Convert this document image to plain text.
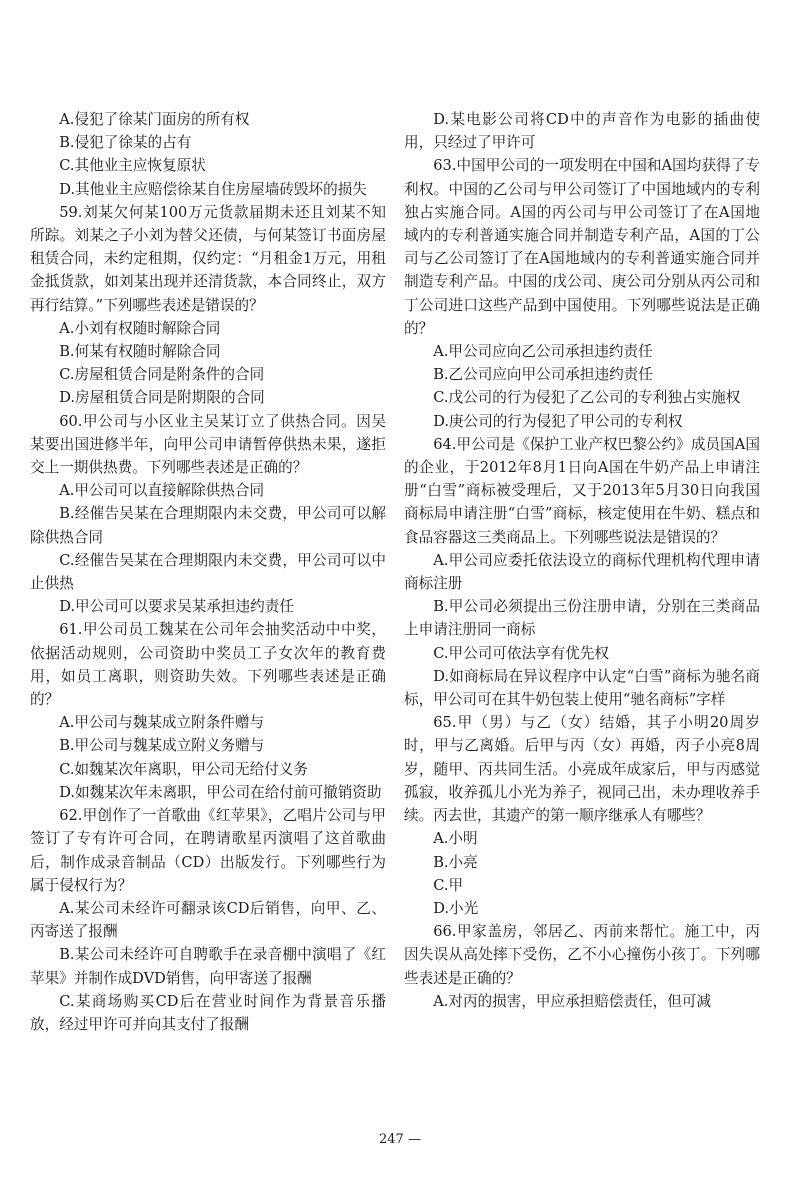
A.侵犯了徐某门面房的所有权

B.侵犯了徐某的占有

C.其他业主应恢复原状

D.其他业主应赔偿徐某自住房屋墙砖毁坏的损失

59.刘某欠何某100万元货款届期未还且刘某不知所踪。刘某之子小刘为替父还债，与何某签订书面房屋租赁合同，未约定租期，仅约定：“月租金1万元，用租金抵货款，如刘某出现并还清货款，本合同终止，双方再行结算。”下列哪些表述是错误的？

A.小刘有权随时解除合同

B.何某有权随时解除合同

C.房屋租赁合同是附条件的合同

D.房屋租赁合同是附期限的合同

60.甲公司与小区业主吴某订立了供热合同。因吴某要出国进修半年，向甲公司申请暂停供热未果，遂拒交上一期供热费。下列哪些表述是正确的？

A.甲公司可以直接解除供热合同

B.经催告吴某在合理期限内未交费，甲公司可以解除供热合同

C.经催告吴某在合理期限内未交费，甲公司可以中止供热

D.甲公司可以要求吴某承担违约责任

61.甲公司员工魏某在公司年会抽奖活动中中奖，依据活动规则，公司资助中奖员工子女次年的教育费用，如员工离职，则资助失效。下列哪些表述是正确的？

A.甲公司与魏某成立附条件赠与

B.甲公司与魏某成立附义务赠与

C.如魏某次年离职，甲公司无给付义务

D.如魏某次年未离职，甲公司在给付前可撤销资助

62.甲创作了一首歌曲《红苹果》，乙唱片公司与甲签订了专有许可合同，在聘请歌星丙演唱了这首歌曲后，制作成录音制品（CD）出版发行。下列哪些行为属于侵权行为？

A.某公司未经许可翻录该CD后销售，向甲、乙、丙寄送了报酬

B.某公司未经许可自聘歌手在录音棚中演唱了《红苹果》并制作成DVD销售，向甲寄送了报酬

C.某商场购买CD后在营业时间作为背景音乐播放，经过甲许可并向其支付了报酬

D.某电影公司将CD中的声音作为电影的插曲使用，只经过了甲许可

63.中国甲公司的一项发明在中国和A国均获得了专利权。中国的乙公司与甲公司签订了中国地域内的专利独占实施合同。A国的丙公司与甲公司签订了在A国地域内的专利普通实施合同并制造专利产品，A国的丁公司与乙公司签订了在A国地域内的专利普通实施合同并制造专利产品。中国的戊公司、庚公司分别从丙公司和丁公司进口这些产品到中国使用。下列哪些说法是正确的？

A.甲公司应向乙公司承担违约责任

B.乙公司应向甲公司承担违约责任

C.戊公司的行为侵犯了乙公司的专利独占实施权

D.庚公司的行为侵犯了甲公司的专利权

64.甲公司是《保护工业产权巴黎公约》成员国A国的企业，于2012年8月1日向A国在牛奶产品上申请注册“白雪”商标被受理后，又于2013年5月30日向我国商标局申请注册“白雪”商标，核定使用在牛奶、糕点和食品容器这三类商品上。下列哪些说法是错误的？

A.甲公司应委托依法设立的商标代理机构代理申请商标注册

B.甲公司必须提出三份注册申请，分别在三类商品上申请注册同一商标

C.甲公司可依法享有优先权

D.如商标局在异议程序中认定“白雪”商标为驰名商标，甲公司可在其牛奶包装上使用“驰名商标”字样

65.甲（男）与乙（女）结婚，其子小明20周岁时，甲与乙离婚。后甲与丙（女）再婚，丙子小亮8周岁，随甲、丙共同生活。小亮成年成家后，甲与丙感觉孤寂，收养孤儿小光为养子，视同己出，未办理收养手续。丙去世，其遗产的第一顺序继承人有哪些？

A.小明

B.小亮

C.甲

D.小光

66.甲家盖房，邻居乙、丙前来帮忙。施工中，丙因失误从高处摔下受伤，乙不小心撞伤小孩丁。下列哪些表述是正确的？

A.对丙的损害，甲应承担赔偿责任，但可减

247 —
